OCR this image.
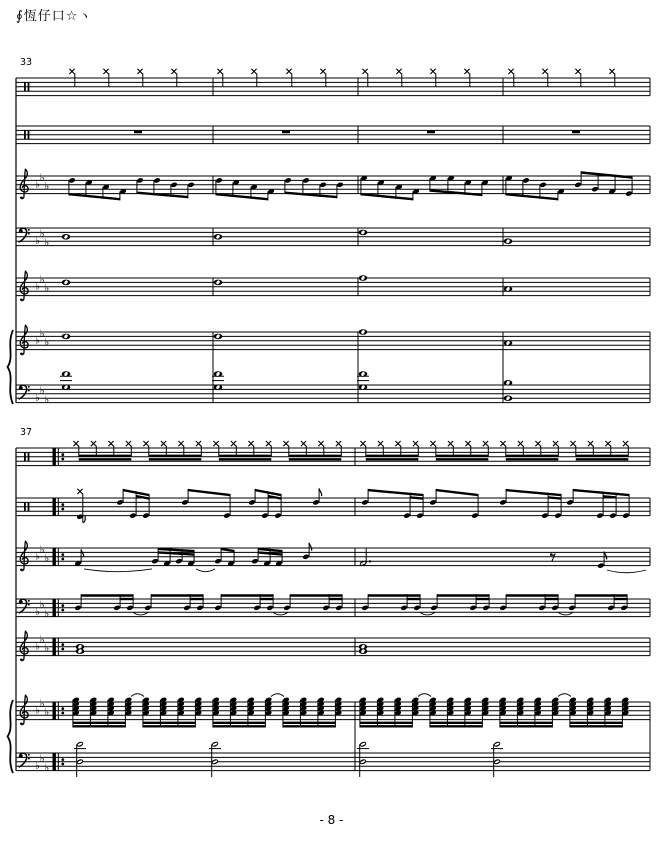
∮恆仔口☆ヽ
33
37
♭
♭
♭
♭
♭
♭
♭
♭
♭
♭
♭
♭
♭
♭
♭
♭
♭
♭
♭
♭
♭
♭
♭
♭
♭
♭
♭
♭
♭
♭
- 8 -
